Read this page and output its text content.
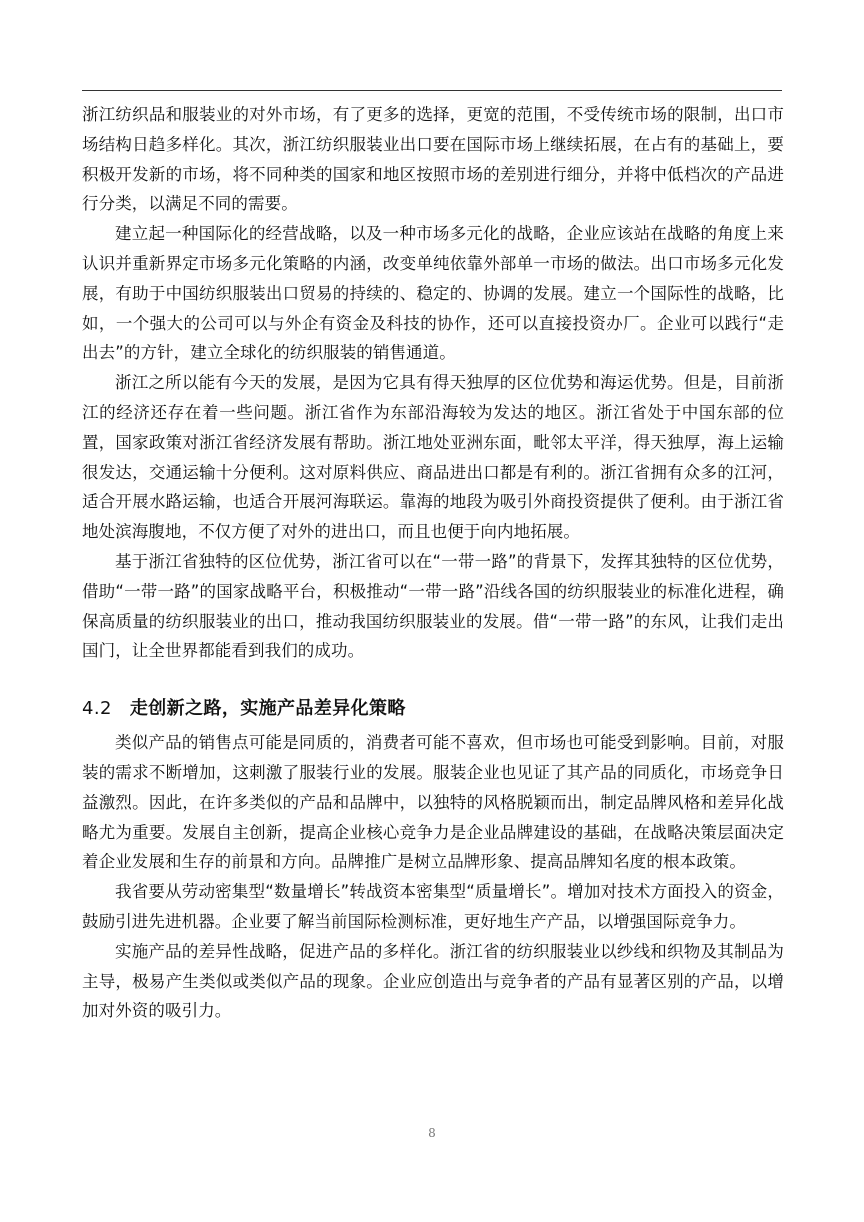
浙江纺织品和服装业的对外市场，有了更多的选择，更宽的范围，不受传统市场的限制，出口市场结构日趋多样化。其次，浙江纺织服装业出口要在国际市场上继续拓展，在占有的基础上，要积极开发新的市场，将不同种类的国家和地区按照市场的差别进行细分，并将中低档次的产品进行分类，以满足不同的需要。

建立起一种国际化的经营战略，以及一种市场多元化的战略，企业应该站在战略的角度上来认识并重新界定市场多元化策略的内涵，改变单纯依靠外部单一市场的做法。出口市场多元化发展，有助于中国纺织服装出口贸易的持续的、稳定的、协调的发展。建立一个国际性的战略，比如，一个强大的公司可以与外企有资金及科技的协作，还可以直接投资办厂。企业可以践行“走出去”的方针，建立全球化的纺织服装的销售通道。

浙江之所以能有今天的发展，是因为它具有得天独厚的区位优势和海运优势。但是，目前浙江的经济还存在着一些问题。浙江省作为东部沿海较为发达的地区。浙江省处于中国东部的位置，国家政策对浙江省经济发展有帮助。浙江地处亚洲东面，毗邻太平洋，得天独厚，海上运输很发达，交通运输十分便利。这对原料供应、商品进出口都是有利的。浙江省拥有众多的江河，适合开展水路运输，也适合开展河海联运。靠海的地段为吸引外商投资提供了便利。由于浙江省地处滨海腹地，不仅方便了对外的进出口，而且也便于向内地拓展。

基于浙江省独特的区位优势，浙江省可以在“一带一路”的背景下，发挥其独特的区位优势，借助“一带一路”的国家战略平台，积极推动“一带一路”沿线各国的纺织服装业的标准化进程，确保高质量的纺织服装业的出口，推动我国纺织服装业的发展。借“一带一路”的东风，让我们走出国门，让全世界都能看到我们的成功。

4.2 走创新之路，实施产品差异化策略

类似产品的销售点可能是同质的，消费者可能不喜欢，但市场也可能受到影响。目前，对服装的需求不断增加，这刺激了服装行业的发展。服装企业也见证了其产品的同质化，市场竞争日益激烈。因此，在许多类似的产品和品牌中，以独特的风格脱颖而出，制定品牌风格和差异化战略尤为重要。发展自主创新，提高企业核心竞争力是企业品牌建设的基础，在战略决策层面决定着企业发展和生存的前景和方向。品牌推广是树立品牌形象、提高品牌知名度的根本政策。

我省要从劳动密集型“数量增长”转战资本密集型“质量增长”。增加对技术方面投入的资金，鼓励引进先进机器。企业要了解当前国际检测标准，更好地生产产品，以增强国际竞争力。

实施产品的差异性战略，促进产品的多样化。浙江省的纺织服装业以纱线和织物及其制品为主导，极易产生类似或类似产品的现象。企业应创造出与竞争者的产品有显著区别的产品，以增加对外资的吸引力。

8
